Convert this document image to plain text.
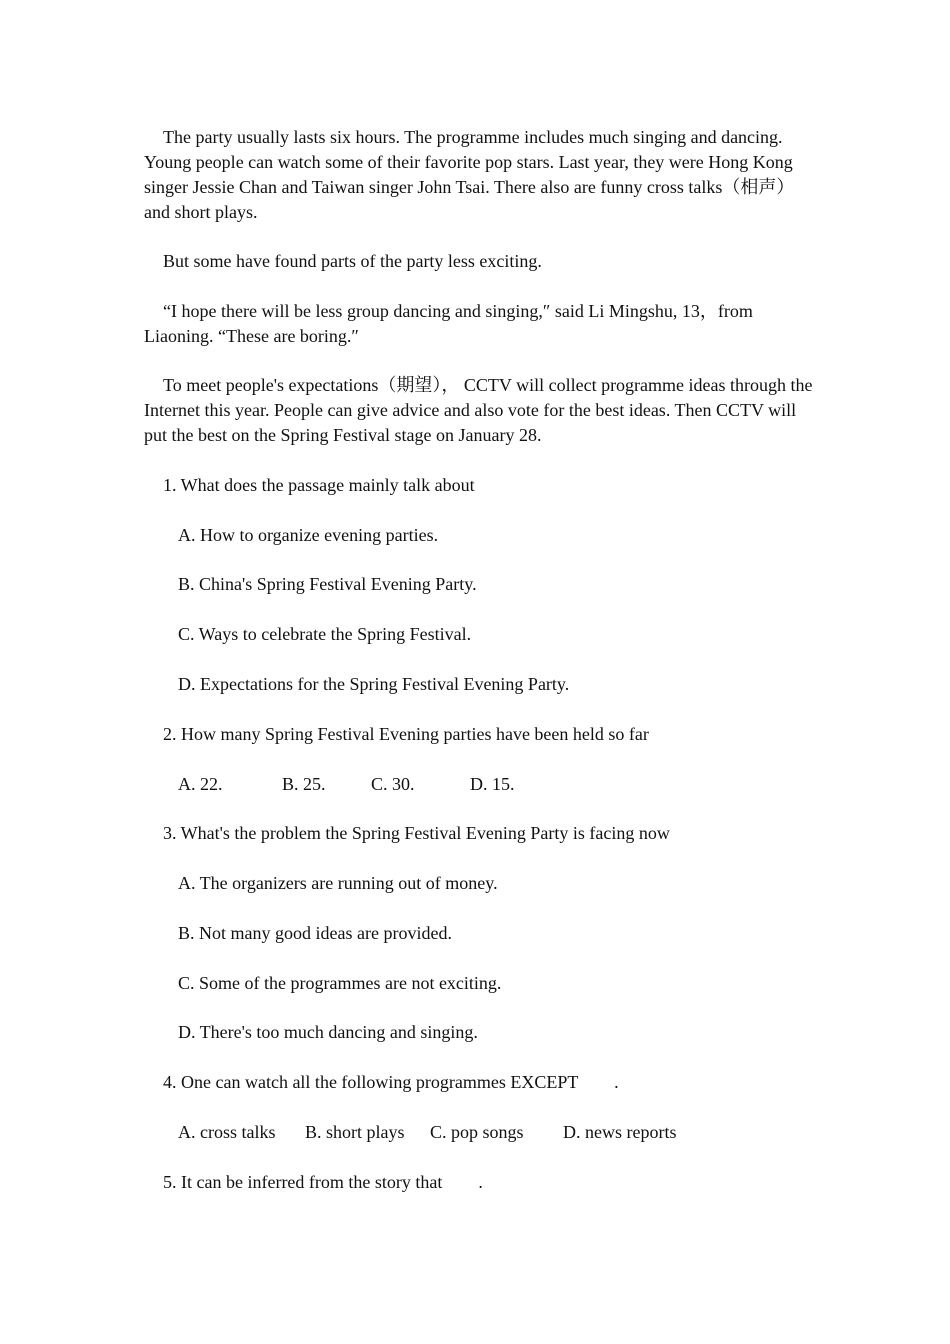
The party usually lasts six hours. The programme includes much singing and dancing. Young people can watch some of their favorite pop stars. Last year, they were Hong Kong singer Jessie Chan and Taiwan singer John Tsai. There also are funny cross talks（相声）and short plays.

But some have found parts of the party less exciting.

“I hope there will be less group dancing and singing,″ said Li Mingshu, 13，from Liaoning. “These are boring.″

To meet people's expectations（期望）， CCTV will collect programme ideas through the Internet this year. People can give advice and also vote for the best ideas. Then CCTV will put the best on the Spring Festival stage on January 28.

1. What does the passage mainly talk about
A. How to organize evening parties.
B. China's Spring Festival Evening Party.
C. Ways to celebrate the Spring Festival.
D. Expectations for the Spring Festival Evening Party.
2. How many Spring Festival Evening parties have been held so far
A. 22.	B. 25.	C. 30.	D. 15.
3. What's the problem the Spring Festival Evening Party is facing now
A. The organizers are running out of money.
B. Not many good ideas are provided.
C. Some of the programmes are not exciting.
D. There's too much dancing and singing.
4. One can watch all the following programmes EXCEPT        .
A. cross talks B. short plays C. pop songs D. news reports
5. It can be inferred from the story that        .
